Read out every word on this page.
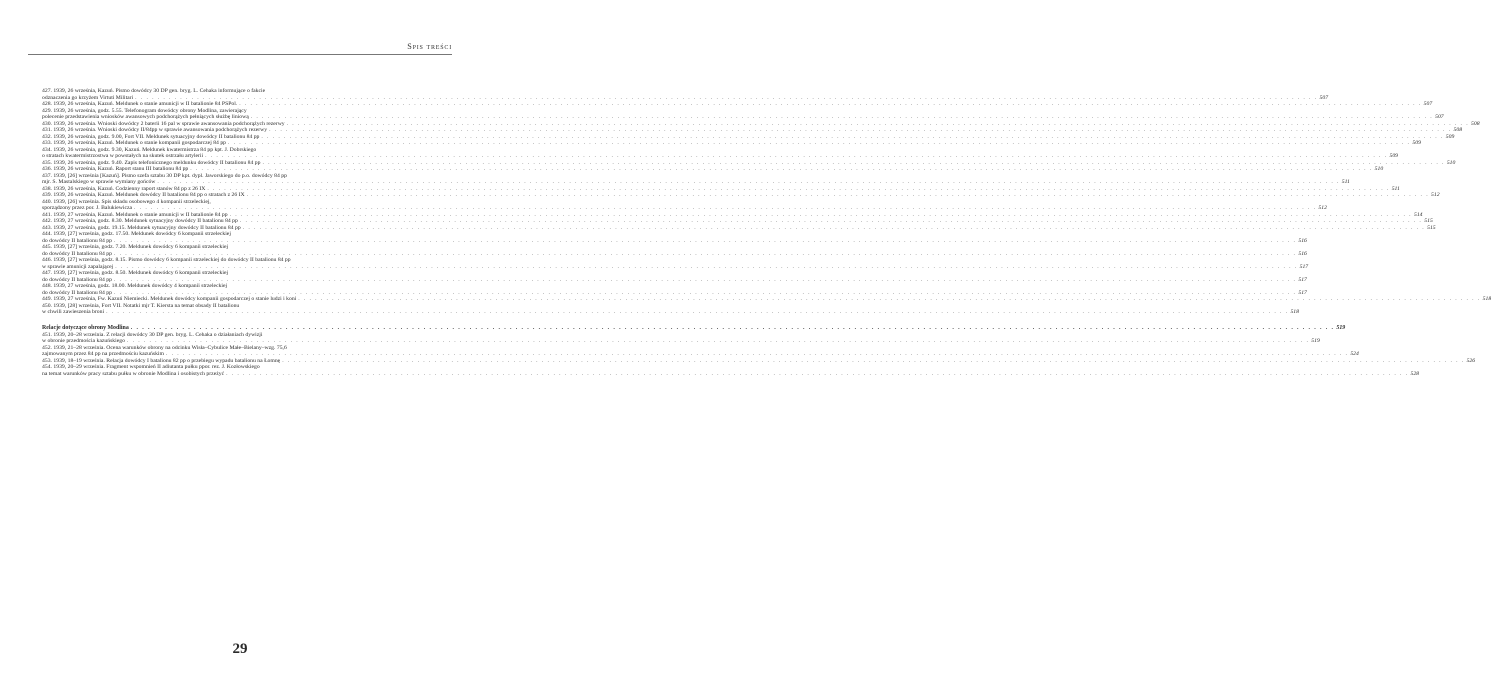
Spis treści
427. 1939, 26 września, Kazuń. Pismo dowódcy 30 DP gen. bryg. L. Cehaka informujące o fakcie
odznaczenia go krzyżem Virtuti Militari . . .	507
428. 1939, 26 września, Kazuń. Meldunek o stanie amunicji w II batalionie 84 PSPol. . . .	507
429. 1939, 26 września, godz. 5.55. Telefonogram dowódcy obrony Modlina, zawierający
polecenie przedstawienia wniosków awansowych podchorążych pełniących służbę liniową . . .	507
430. 1939, 26 września. Wnioski dowódcy 2 baterii 16 pal w sprawie awansowania podchorążych rezerwy . . .	508
431. 1939, 26 września. Wnioski dowódcy II/84pp w sprawie awansowania podchorążych rezerwy . . .	508
432. 1939, 26 września, godz. 9.00, Fort VII. Meldunek sytuacyjny dowódcy II batalionu 84 pp . . .	509
433. 1939, 26 września, Kazuń. Meldunek o stanie kompanii gospodarczej 84 pp . . .	509
434. 1939, 26 września, godz. 9.30, Kazuń. Meldunek kwatermistrza 84 pp kpt. J. Dobrskiego
o stratach kwatermistrzostwa w powstałych na skutek ostrzału artylerii . . .	509
435. 1939, 26 września, godz. 9.40. Zapis telefonicznego meldunku dowódcy II batalionu 84 pp . . .	510
436. 1939, 26 września, Kazuń. Raport stanu III batalionu 84 pp . . .	510
437. 1939, [26] września [Kazuń]. Pismo szefa sztabu 30 DP kpt. dypl. Jaworskiego do p.o. dowódcy 84 pp
mjr. S. Mastalskiego w sprawie wymiany gońców . . .	511
438. 1939, 26 września, Kazuń. Codzienny raport stanów 84 pp z 26 IX . . .	511
439. 1939, 26 września, Kazuń. Meldunek dowódcy II batalionu 84 pp o stratach z 26 IX . . .	512
440. 1939, [26] września. Spis składu osobowego 4 kompanii strzeleckiej,
sporządzony przez por. J. Balukiewicza . . .	512
441. 1939, 27 września, Kazuń. Meldunek o stanie amunicji w II batalionie 84 pp . . .	514
442. 1939, 27 września, godz. 8.30. Meldunek sytuacyjny dowódcy II batalionu 84 pp . . .	515
443. 1939, 27 września, godz. 19.15. Meldunek sytuacyjny dowódcy II batalionu 84 pp . . .	515
444. 1939, [27] września, godz. 17.50. Meldunek dowódcy 6 kompanii strzeleckiej
do dowódcy II batalionu 84 pp . . .	516
445. 1939, [27] września, godz. 7.20. Meldunek dowódcy 6 kompanii strzeleckiej
do dowódcy II batalionu 84 pp . . .	516
446. 1939, [27] września, godz. 8.15. Pismo dowódcy 6 kompanii strzeleckiej do dowódcy II batalionu 84 pp
w sprawie amunicji zapalającej . . .	517
447. 1939, [27] września, godz. 8.50. Meldunek dowódcy 6 kompanii strzeleckiej
do dowódcy II batalionu 84 pp . . .	517
448. 1939, 27 września, godz. 18.00. Meldunek dowódcy 4 kompanii strzeleckiej
do dowódcy II batalionu 84 pp . . .	517
449. 1939, 27 września, Fw. Kazuń Niemiecki. Meldunek dowódcy kompanii gospodarczej o stanie ludzi i koni . . .	518
450. 1939, [28] września, Fort VII. Notatki mjr T. Kiersta na temat obsady II batalionu
w chwili zawieszenia broni . . .	518
Relacje dotyczące obrony Modlina . . .	519
451. 1939, 20–28 września. Z relacji dowódcy 30 DP gen. bryg. L. Cehaka o działaniach dywizji
w obronie przedmościa kazuńskiego . . .	519
452. 1939, 21–28 września. Ocena warunków obrony na odcinku Wisła–Cybulice Małe–Bielany–wzg. 75,6
zajmowanym przez 84 pp na przedmościu kazuńskim . . .	524
453. 1939, 18–19 września. Relacja dowódcy I batalionu 82 pp o przebiegu wypadu batalionu na Łomnę . . .	526
454. 1939, 20–29 września. Fragment wspomnień II adiutanta pułku ppor. rez. J. Kozłowskiego
na temat warunków pracy sztabu pułku w obronie Modlina i osobistych przeżyć . . .	528
29
